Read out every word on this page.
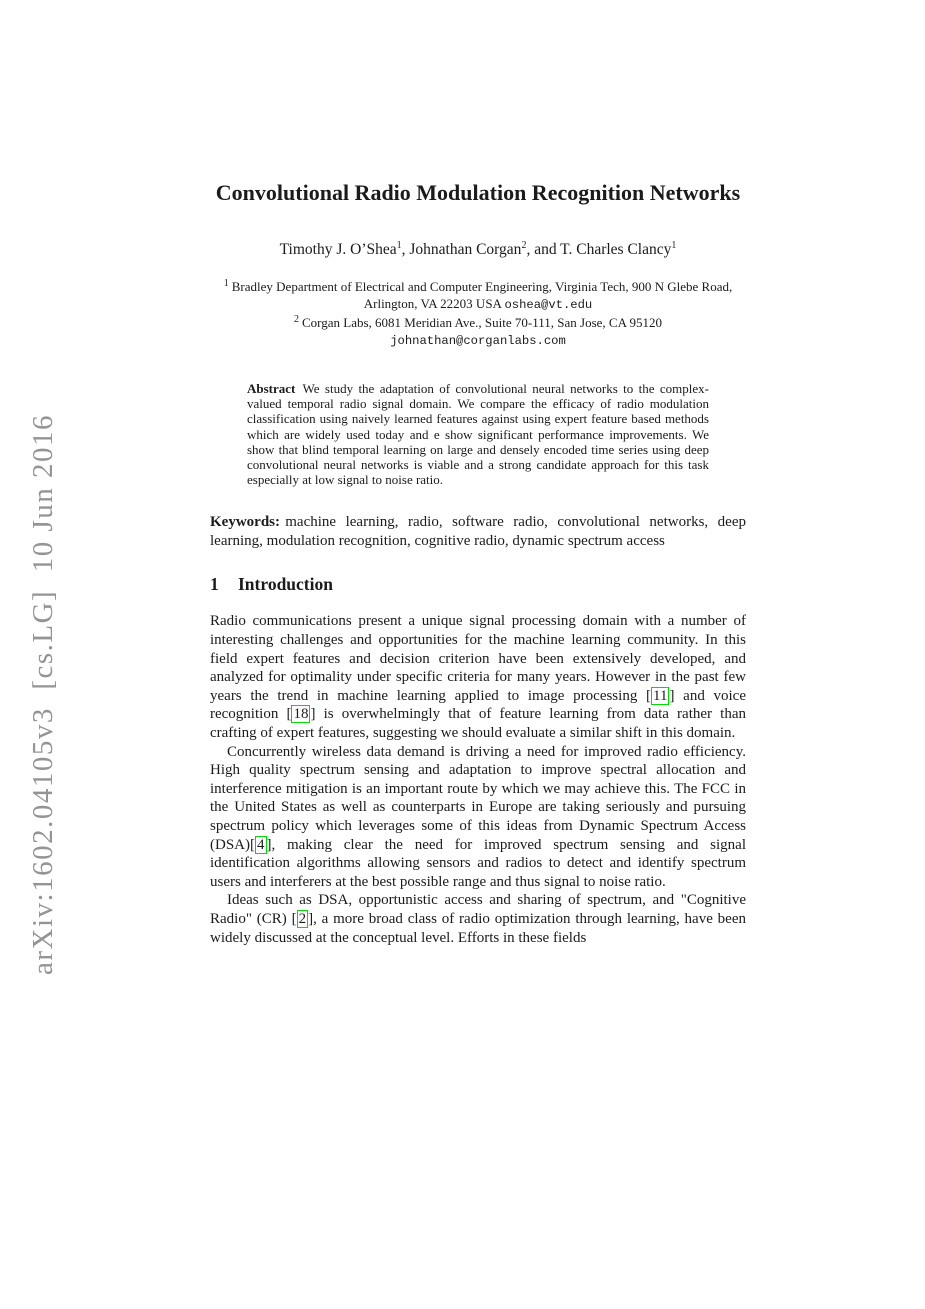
arXiv:1602.04105v3  [cs.LG]  10 Jun 2016
Convolutional Radio Modulation Recognition Networks
Timothy J. O’Shea$^1$, Johnathan Corgan$^2$, and T. Charles Clancy$^1$
$^1$ Bradley Department of Electrical and Computer Engineering, Virginia Tech, 900 N Glebe Road, Arlington, VA 22203 USA oshea@vt.edu
$^2$ Corgan Labs, 6081 Meridian Ave., Suite 70-111, San Jose, CA 95120 johnathan@corganlabs.com
Abstract We study the adaptation of convolutional neural networks to the complex-valued temporal radio signal domain. We compare the efficacy of radio modulation classification using naively learned features against using expert feature based methods which are widely used today and e show significant performance improvements. We show that blind temporal learning on large and densely encoded time series using deep convolutional neural networks is viable and a strong candidate approach for this task especially at low signal to noise ratio.
Keywords: machine learning, radio, software radio, convolutional networks, deep learning, modulation recognition, cognitive radio, dynamic spectrum access
1 Introduction

Radio communications present a unique signal processing domain with a number of interesting challenges and opportunities for the machine learning community. In this field expert features and decision criterion have been extensively developed, and analyzed for optimality under specific criteria for many years. However in the past few years the trend in machine learning applied to image processing [ 11 ] and voice recognition [ 18 ] is overwhelmingly that of feature learning from data rather than crafting of expert features, suggesting we should evaluate a similar shift in this domain.

Concurrently wireless data demand is driving a need for improved radio efficiency. High quality spectrum sensing and adaptation to improve spectral allocation and interference mitigation is an important route by which we may achieve this. The FCC in the United States as well as counterparts in Europe are taking seriously and pursuing spectrum policy which leverages some of this ideas from Dynamic Spectrum Access (DSA)[ 4 ], making clear the need for improved spectrum sensing and signal identification algorithms allowing sensors and radios to detect and identify spectrum users and interferers at the best possible range and thus signal to noise ratio.

Ideas such as DSA, opportunistic access and sharing of spectrum, and "Cognitive Radio" (CR) [ 2 ], a more broad class of radio optimization through learning, have been widely discussed at the conceptual level. Efforts in these fields
